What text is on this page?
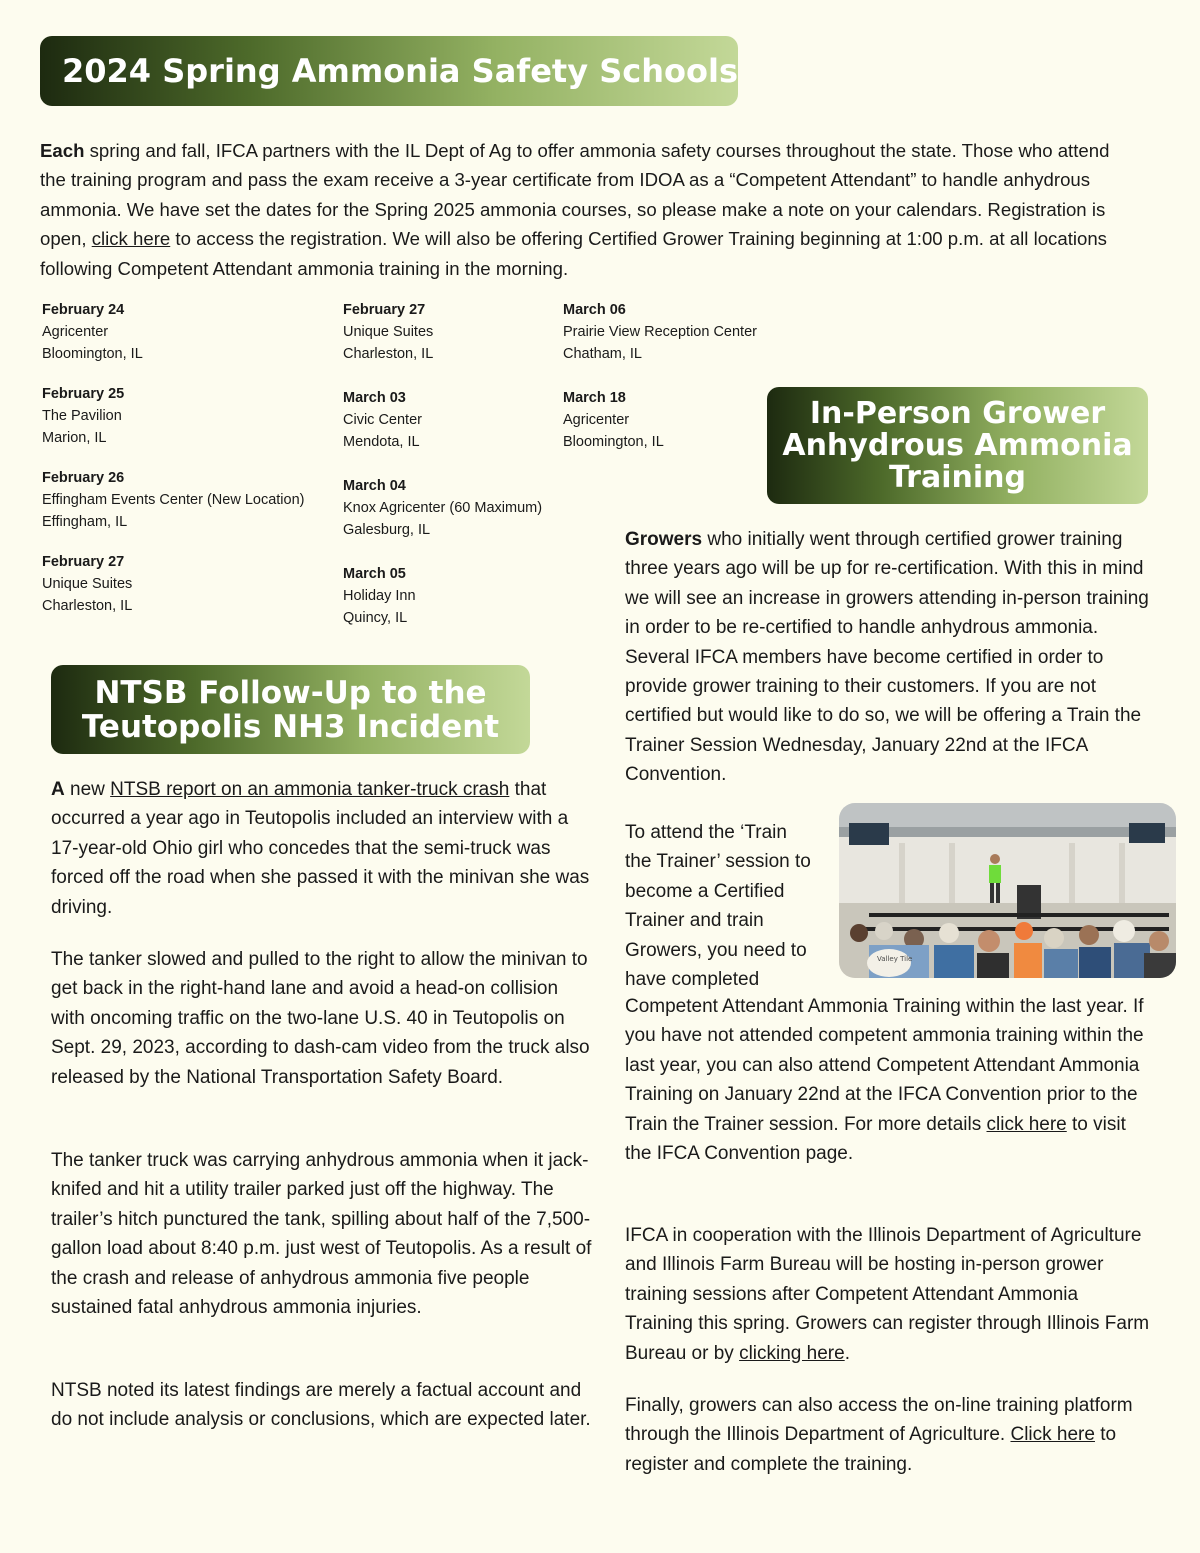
2024 Spring Ammonia Safety Schools

Each spring and fall, IFCA partners with the IL Dept of Ag to offer ammonia safety courses throughout the state. Those who attend the training program and pass the exam receive a 3-year certificate from IDOA as a “Competent Attendant” to handle anhydrous ammonia. We have set the dates for the Spring 2025 ammonia courses, so please make a note on your calendars. Registration is open, click here to access the registration. We will also be offering Certified Grower Training beginning at 1:00 p.m. at all locations following Competent Attendant ammonia training in the morning.

February 24
Agricenter
Bloomington, IL
February 25
The Pavilion
Marion, IL
February 26
Effingham Events Center (New Location)
Effingham, IL
February 27
Unique Suites
Charleston, IL
February 27
Unique Suites
Charleston, IL
March 03
Civic Center
Mendota, IL
March 04
Knox Agricenter (60 Maximum)
Galesburg, IL
March 05
Holiday Inn
Quincy, IL
March 06
Prairie View Reception Center
Chatham, IL
March 18
Agricenter
Bloomington, IL
In-Person Grower
Anhydrous Ammonia
Training
NTSB Follow-Up to the
Teutopolis NH3 Incident

A new NTSB report on an ammonia tanker-truck crash that occurred a year ago in Teutopolis included an interview with a 17-year-old Ohio girl who concedes that the semi-truck was forced off the road when she passed it with the minivan she was driving.

The tanker slowed and pulled to the right to allow the minivan to get back in the right-hand lane and avoid a head-on collision with oncoming traffic on the two-lane U.S. 40 in Teutopolis on Sept. 29, 2023, according to dash-cam video from the truck also released by the National Transportation Safety Board.

The tanker truck was carrying anhydrous ammonia when it jack-knifed and hit a utility trailer parked just off the highway. The trailer’s hitch punctured the tank, spilling about half of the 7,500-gallon load about 8:40 p.m. just west of Teutopolis. As a result of the crash and release of anhydrous ammonia five people sustained fatal anhydrous ammonia injuries.

NTSB noted its latest findings are merely a factual account and do not include analysis or conclusions, which are expected later.

Growers who initially went through certified grower training three years ago will be up for re-certification. With this in mind we will see an increase in growers attending in-person training in order to be re-certified to handle anhydrous ammonia. Several IFCA members have become certified in order to provide grower training to their customers. If you are not certified but would like to do so, we will be offering a Train the Trainer Session Wednesday, January 22nd at the IFCA Convention.

To attend the ‘Train
the Trainer’ session to
become a Certified
Trainer and train
Growers, you need to
have completed

Competent Attendant Ammonia Training within the last year. If you have not attended competent ammonia training within the last year, you can also attend Competent Attendant Ammonia Training on January 22nd at the IFCA Convention prior to the Train the Trainer session. For more details click here to visit the IFCA Convention page.

IFCA in cooperation with the Illinois Department of Agriculture and Illinois Farm Bureau will be hosting in-person grower training sessions after Competent Attendant Ammonia Training this spring. Growers can register through Illinois Farm Bureau or by clicking here.

Finally, growers can also access the on-line training platform through the Illinois Department of Agriculture. Click here to register and complete the training.

Valley Tile
